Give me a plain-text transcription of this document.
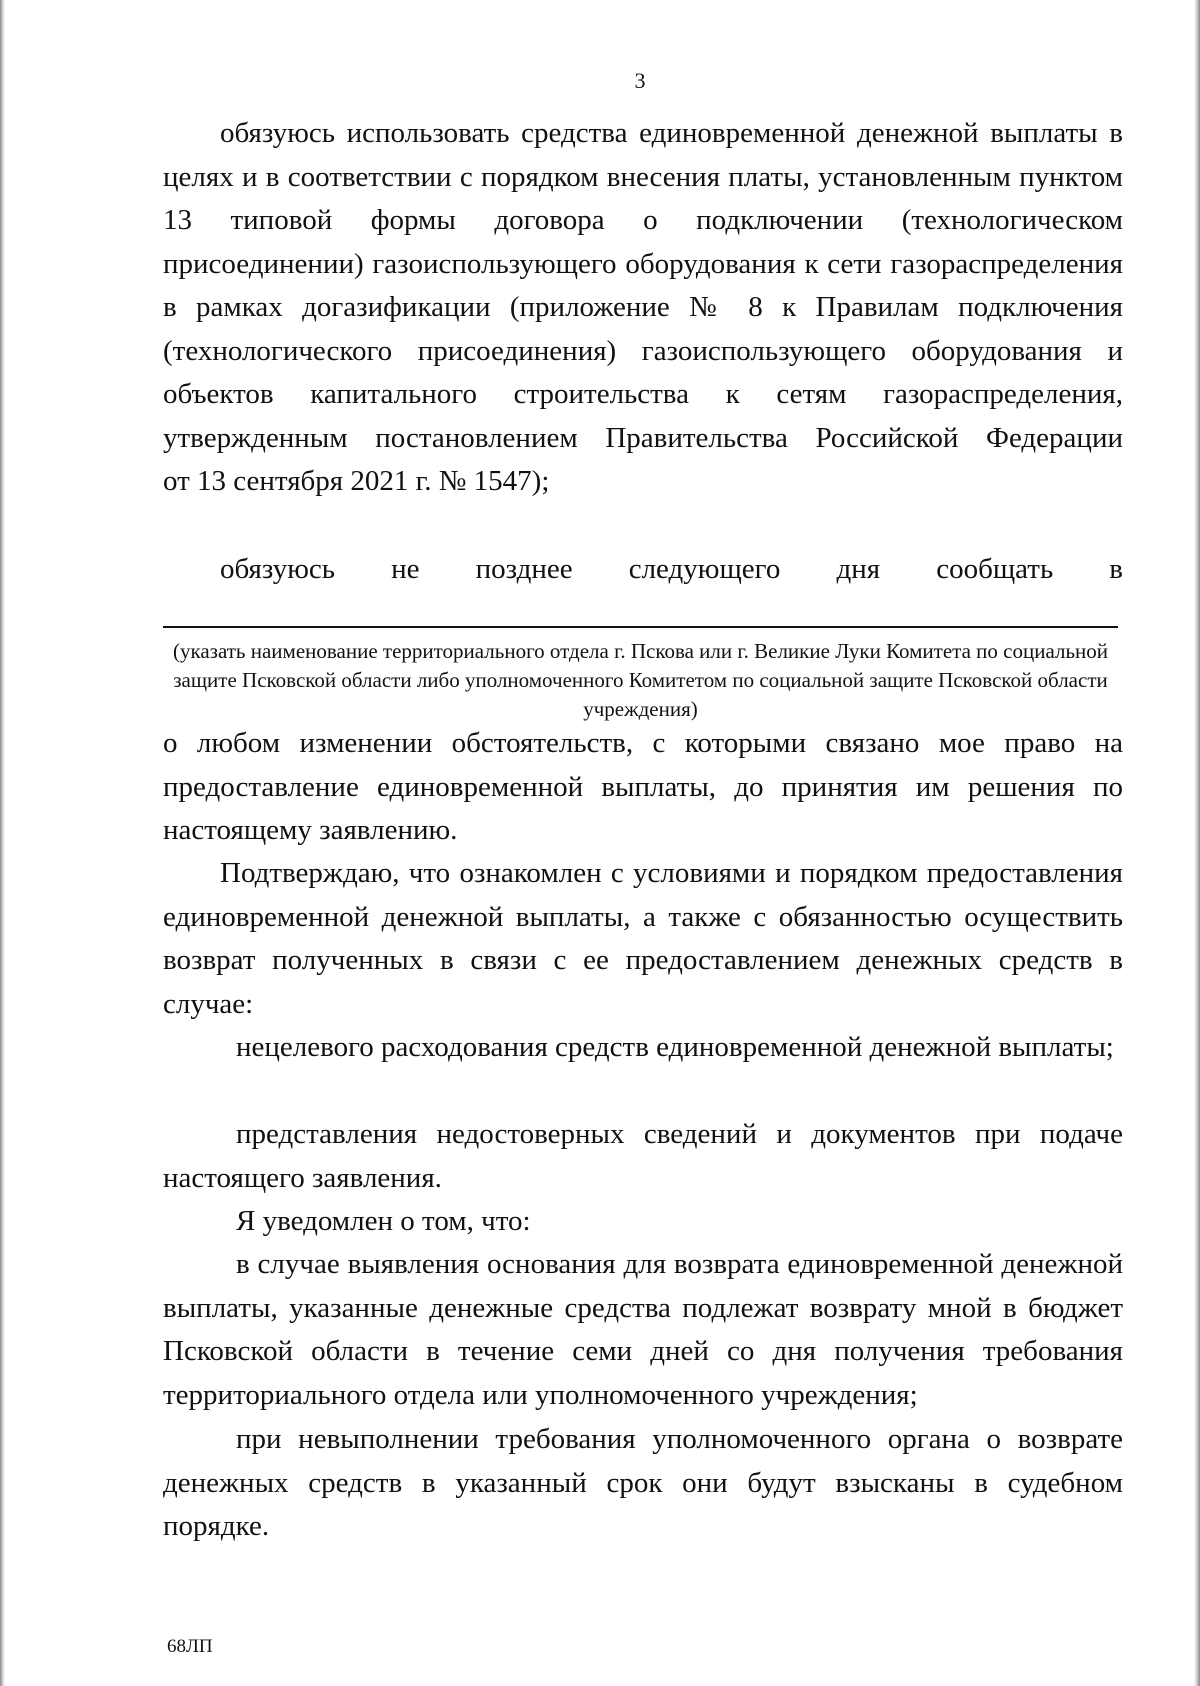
3

обязуюсь использовать средства единовременной денежной выплаты в целях и в соответствии с порядком внесения платы, установленным пунктом 13 типовой формы договора о подключении (технологическом присоединении) газоиспользующего оборудования к сети газораспределения в рамках догазификации (приложение № 8 к Правилам подключения (технологического присоединения) газоиспользующего оборудования и объектов капитального строительства к сетям газораспределения, утвержденным постановлением Правительства Российской Федерации

от 13 сентября 2021 г. № 1547);

обязуюсь не позднее следующего дня сообщать в

(указать наименование территориального отдела г. Пскова или г. Великие Луки Комитета по социальной защите Псковской области либо уполномоченного Комитетом по социальной защите Псковской области учреждения)

о любом изменении обстоятельств, с которыми связано мое право на предоставление единовременной выплаты, до принятия им решения по настоящему заявлению.

Подтверждаю, что ознакомлен с условиями и порядком предоставления единовременной денежной выплаты, а также с обязанностью осуществить возврат полученных в связи с ее предоставлением денежных средств в случае:

нецелевого расходования средств единовременной денежной выплаты;

представления недостоверных сведений и документов при подаче настоящего заявления.

Я уведомлен о том, что:

в случае выявления основания для возврата единовременной денежной выплаты, указанные денежные средства подлежат возврату мной в бюджет Псковской области в течение семи дней со дня получения требования территориального отдела или уполномоченного учреждения;

при невыполнении требования уполномоченного органа о возврате денежных средств в указанный срок они будут взысканы в судебном порядке.

68ЛП
